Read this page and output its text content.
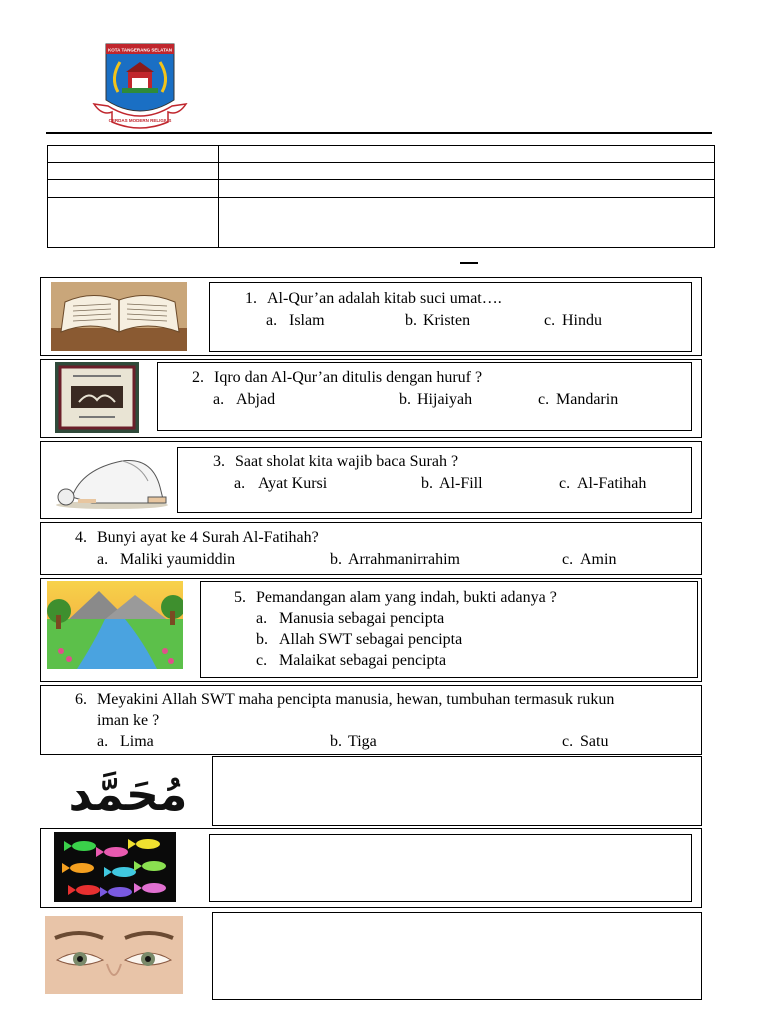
KOTA TANGERANG SELATAN
CERDAS MODERN RELIGIUS

1. Al-Qur’an adalah kitab suci umat….
a. Islam	b. Kristen	c. Hindu
2. Iqro dan Al-Qur’an ditulis dengan huruf ?
a. Abjad	b. Hijaiyah	c. Mandarin
3. Saat sholat kita wajib baca Surah ?
a. Ayat Kursi	b. Al-Fill	c. Al-Fatihah
4. Bunyi ayat ke 4 Surah Al-Fatihah?
a. Maliki yaumiddin	b. Arrahmanirrahim	c. Amin
5. Pemandangan alam yang indah, bukti adanya ?
a. Manusia sebagai pencipta
b. Allah SWT sebagai pencipta
c. Malaikat sebagai pencipta
6. Meyakini Allah SWT maha pencipta manusia, hewan, tumbuhan termasuk rukun
iman ke ?
a. Lima	b. Tiga	c. Satu
مُحَمَّد
